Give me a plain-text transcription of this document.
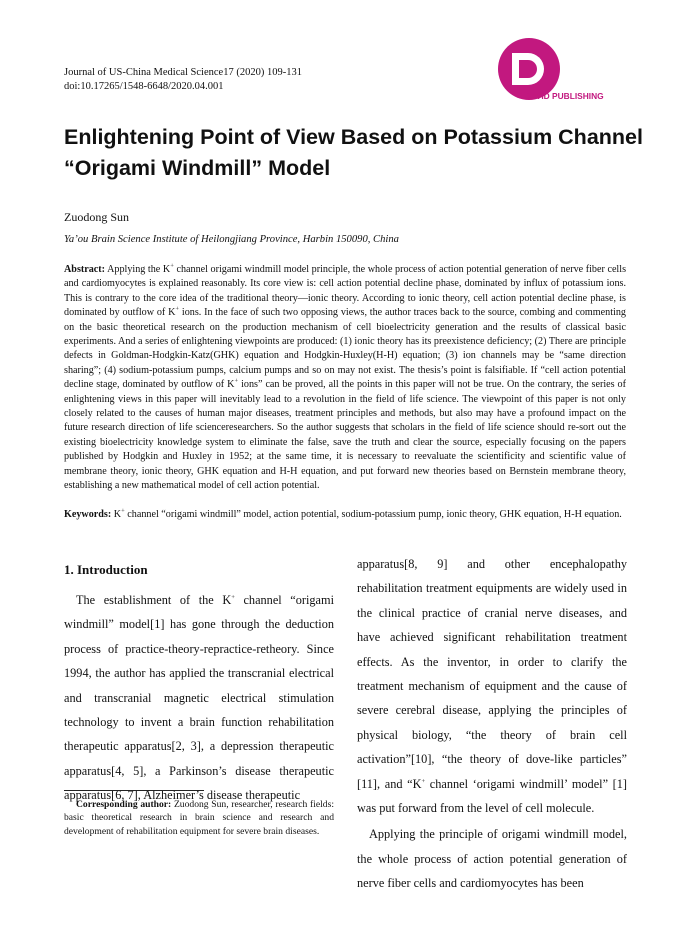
Journal of US-China Medical Science17 (2020) 109-131
doi:10.17265/1548-6648/2020.04.001
DAVID PUBLISHING
Enlightening Point of View Based on Potassium Channel
“Origami Windmill” Model
Zuodong Sun
Ya’ou Brain Science Institute of Heilongjiang Province, Harbin 150090, China

Abstract: Applying the K+ channel origami windmill model principle, the whole process of action potential generation of nerve fiber cells and cardiomyocytes is explained reasonably. Its core view is: cell action potential decline phase, dominated by influx of potassium ions. This is contrary to the core idea of the traditional theory—ionic theory. According to ionic theory, cell action potential decline phase, is dominated by outflow of K+ ions. In the face of such two opposing views, the author traces back to the source, combing and commenting on the basic theoretical research on the production mechanism of cell bioelectricity generation and the results of classical basic experiments. And a series of enlightening viewpoints are produced: (1) ionic theory has its preexistence deficiency; (2) There are principle defects in Goldman-Hodgkin-Katz(GHK) equation and Hodgkin-Huxley(H-H) equation; (3) ion channels may be “same direction sharing”; (4) sodium-potassium pumps, calcium pumps and so on may not exist. The thesis’s point is falsifiable. If “cell action potential decline stage, dominated by outflow of K+ ions” can be proved, all the points in this paper will not be true. On the contrary, the series of enlightening views in this paper will inevitably lead to a revolution in the field of life science. The viewpoint of this paper is not only closely related to the causes of human major diseases, treatment principles and methods, but also may have a profound impact on the future research direction of life scienceresearchers. So the author suggests that scholars in the field of life science should re-sort out the existing bioelectricity knowledge system to eliminate the false, save the truth and clear the source, especially focusing on the papers published by Hodgkin and Huxley in 1952; at the same time, it is necessary to reevaluate the scientificity and scientific value of membrane theory, ionic theory, GHK equation and H-H equation, and put forward new theories based on Bernstein membrane theory, establishing a new mathematical model of cell action potential.

Keywords: K+ channel “origami windmill” model, action potential, sodium-potassium pump, ionic theory, GHK equation, H-H equation.

1. Introduction

The establishment of the K+ channel “origami windmill” model[1] has gone through the deduction process of practice-theory-repractice-retheory. Since 1994, the author has applied the transcranial electrical and transcranial magnetic electrical stimulation technology to invent a brain function rehabilitation therapeutic apparatus[2, 3], a depression therapeutic apparatus[4, 5], a Parkinson’s disease therapeutic apparatus[6, 7], Alzheimer’s disease therapeutic

apparatus[8, 9] and other encephalopathy rehabilitation treatment equipments are widely used in the clinical practice of cranial nerve diseases, and have achieved significant rehabilitation treatment effects. As the inventor, in order to clarify the treatment mechanism of equipment and the cause of severe cerebral disease, applying the principles of physical biology, “the theory of brain cell activation”[10], “the theory of dove-like particles” [11], and “K+ channel ‘origami windmill’ model” [1] was put forward from the level of cell molecule.

Applying the principle of origami windmill model, the whole process of action potential generation of nerve fiber cells and cardiomyocytes has been

Corresponding author: Zuodong Sun, researcher, research fields: basic theoretical research in brain science and research and development of rehabilitation equipment for severe brain diseases.
